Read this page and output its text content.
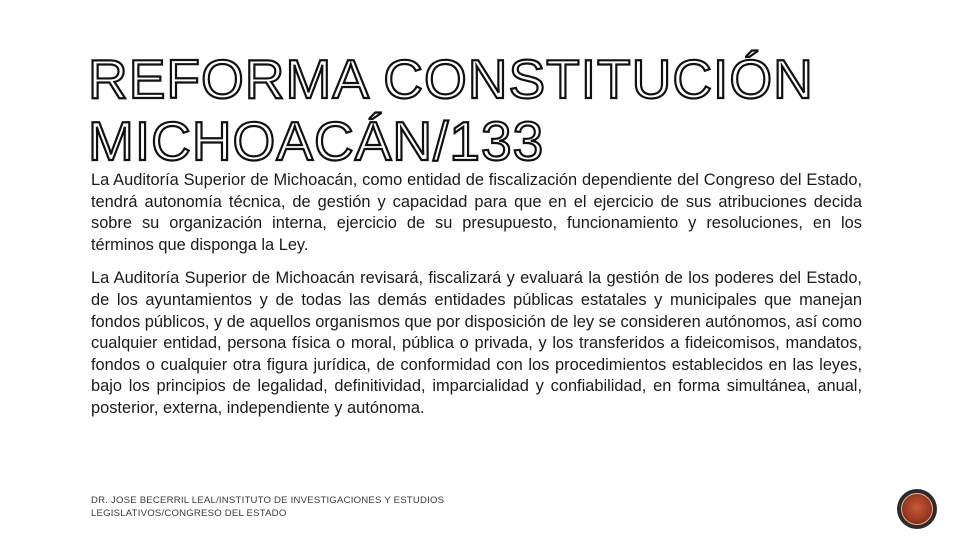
REFORMA CONSTITUCIÓN
MICHOACÁN/133

La Auditoría Superior de Michoacán, como entidad de fiscalización dependiente del Congreso del Estado, tendrá autonomía técnica, de gestión y capacidad para que en el ejercicio de sus atribuciones decida sobre su organización interna, ejercicio de su presupuesto, funcionamiento y resoluciones, en los términos que disponga la Ley.

La Auditoría Superior de Michoacán revisará, fiscalizará y evaluará la gestión de los poderes del Estado, de los ayuntamientos y de todas las demás entidades públicas estatales y municipales que manejan fondos públicos, y de aquellos organismos que por disposición de ley se consideren autónomos, así como cualquier entidad, persona física o moral, pública o privada, y los transferidos a fideicomisos, mandatos, fondos o cualquier otra figura jurídica, de conformidad con los procedimientos establecidos en las leyes, bajo los principios de legalidad, definitividad, imparcialidad y confiabilidad, en forma simultánea, anual, posterior, externa, independiente y autónoma.

DR. JOSE BECERRIL LEAL/INSTITUTO DE INVESTIGACIONES Y ESTUDIOS
LEGISLATIVOS/CONGRESO DEL ESTADO
